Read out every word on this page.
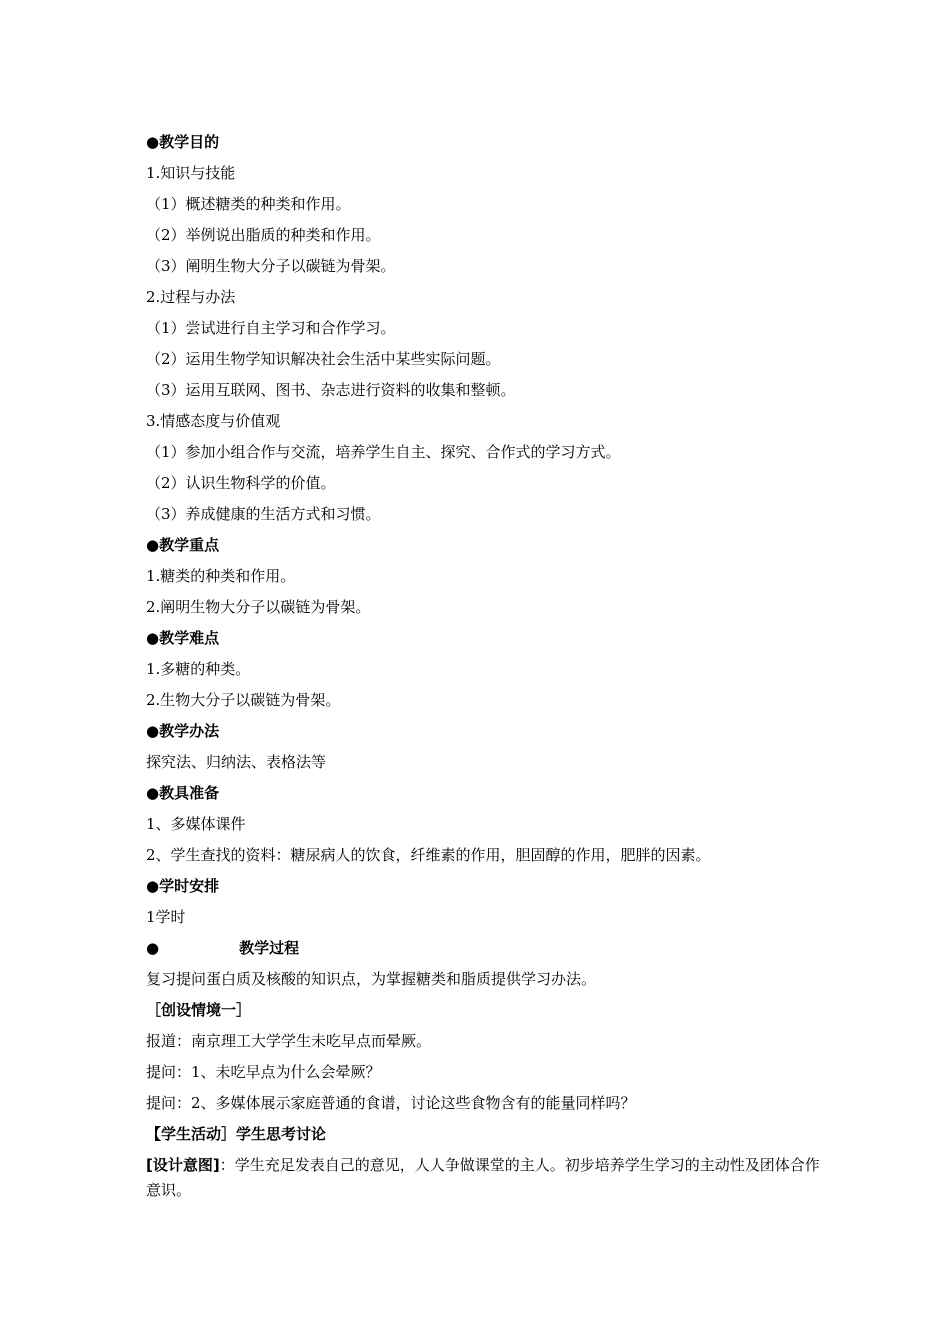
●教学目的
1.知识与技能
（1）概述糖类的种类和作用。
（2）举例说出脂质的种类和作用。
（3）阐明生物大分子以碳链为骨架。
2.过程与办法
（1）尝试进行自主学习和合作学习。
（2）运用生物学知识解决社会生活中某些实际问题。
（3）运用互联网、图书、杂志进行资料的收集和整顿。
3.情感态度与价值观
（1）参加小组合作与交流，培养学生自主、探究、合作式的学习方式。
（2）认识生物科学的价值。
（3）养成健康的生活方式和习惯。
●教学重点
1.糖类的种类和作用。
2.阐明生物大分子以碳链为骨架。
●教学难点
1.多糖的种类。
2.生物大分子以碳链为骨架。
●教学办法
探究法、归纳法、表格法等
●教具准备
1、多媒体课件
2、学生查找的资料：糖尿病人的饮食，纤维素的作用，胆固醇的作用，肥胖的因素。
●学时安排
1学时
●	教学过程
复习提问蛋白质及核酸的知识点，为掌握糖类和脂质提供学习办法。
［创设情境一］
报道：南京理工大学学生未吃早点而晕厥。
提问：1、未吃早点为什么会晕厥？
提问：2、多媒体展示家庭普通的食谱，讨论这些食物含有的能量同样吗？
【学生活动］学生思考讨论
[设计意图]：学生充足发表自己的意见，人人争做课堂的主人。初步培养学生学习的主动性及团体合作意识。
